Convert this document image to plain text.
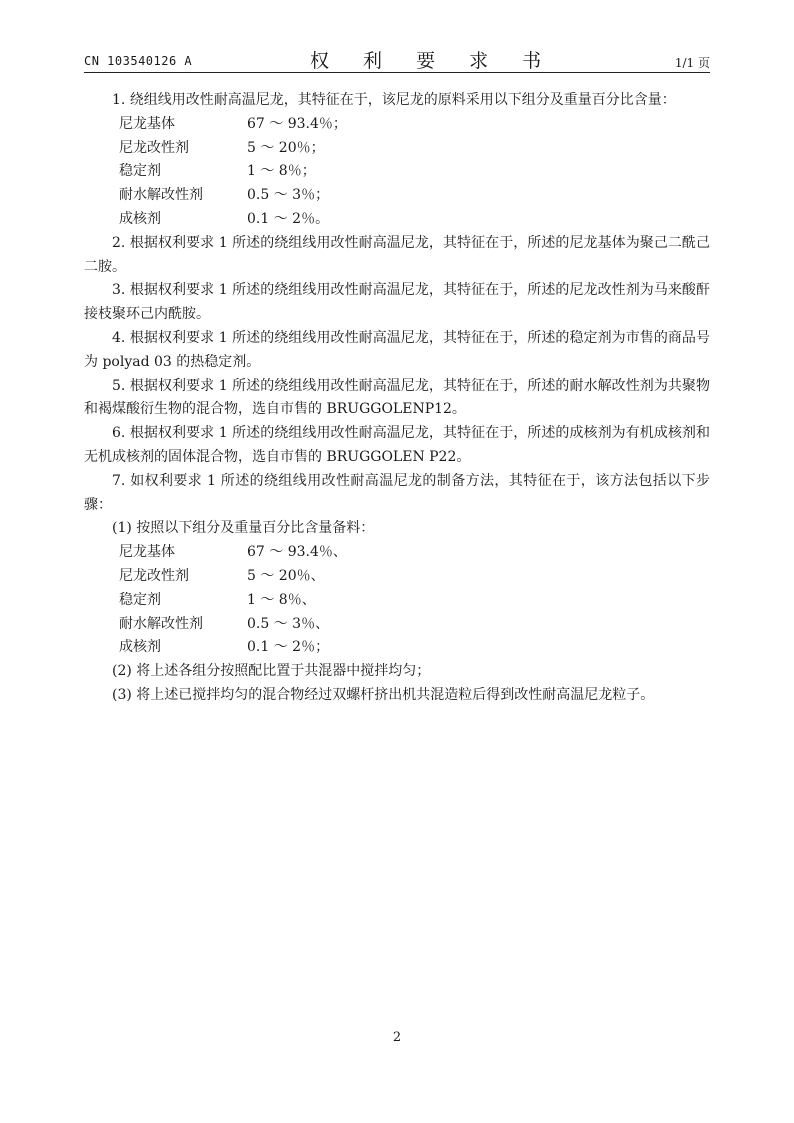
CN 103540126 A	权 利 要 求 书	1/1 页

1. 绕组线用改性耐高温尼龙，其特征在于，该尼龙的原料采用以下组分及重量百分比含量：

尼龙基体	67 ～ 93.4％；
尼龙改性剂	5 ～ 20％；
稳定剂	1 ～ 8％；
耐水解改性剂	0.5 ～ 3％；
成核剂	0.1 ～ 2％。

2. 根据权利要求 1 所述的绕组线用改性耐高温尼龙，其特征在于，所述的尼龙基体为聚己二酰己二胺。

3. 根据权利要求 1 所述的绕组线用改性耐高温尼龙，其特征在于，所述的尼龙改性剂为马来酸酐接枝聚环己内酰胺。

4. 根据权利要求 1 所述的绕组线用改性耐高温尼龙，其特征在于，所述的稳定剂为市售的商品号为 polyad 03 的热稳定剂。

5. 根据权利要求 1 所述的绕组线用改性耐高温尼龙，其特征在于，所述的耐水解改性剂为共聚物和褐煤酸衍生物的混合物，选自市售的 BRUGGOLENP12。

6. 根据权利要求 1 所述的绕组线用改性耐高温尼龙，其特征在于，所述的成核剂为有机成核剂和无机成核剂的固体混合物，选自市售的 BRUGGOLEN P22。

7. 如权利要求 1 所述的绕组线用改性耐高温尼龙的制备方法，其特征在于，该方法包括以下步骤：

(1) 按照以下组分及重量百分比含量备料：

尼龙基体	67 ～ 93.4％、
尼龙改性剂	5 ～ 20％、
稳定剂	1 ～ 8％、
耐水解改性剂	0.5 ～ 3％、
成核剂	0.1 ～ 2％；

(2) 将上述各组分按照配比置于共混器中搅拌均匀；

(3) 将上述已搅拌均匀的混合物经过双螺杆挤出机共混造粒后得到改性耐高温尼龙粒子。

2
